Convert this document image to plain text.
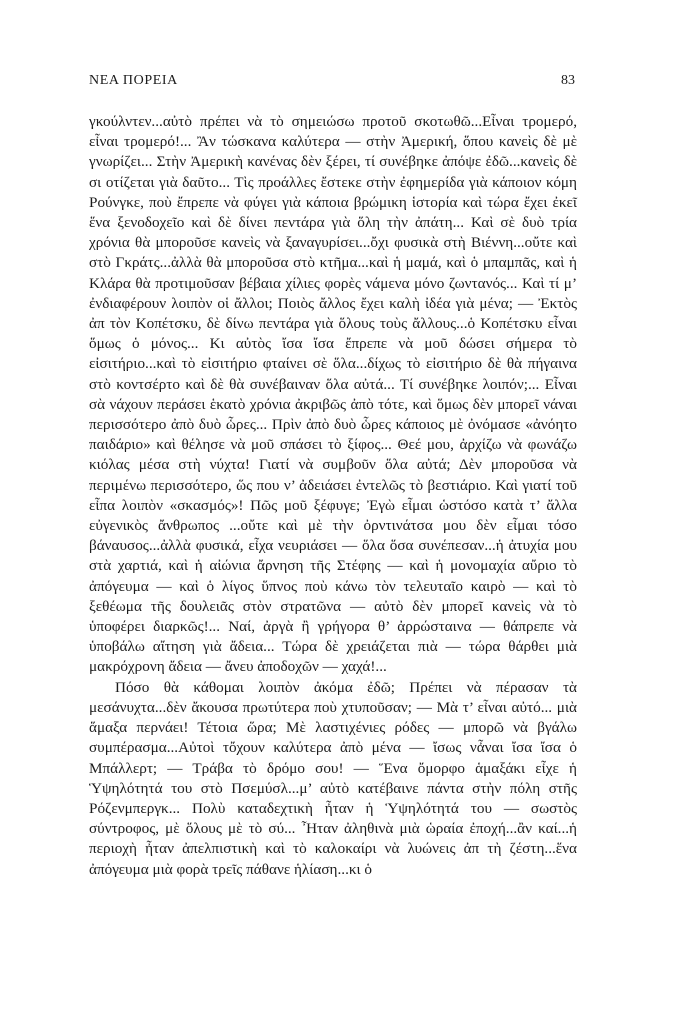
ΝΕΑ ΠΟΡΕΙΑ	83

γκούλντεν...αὐτὸ πρέπει νὰ τὸ σημειώσω προτοῦ σκοτωθῶ...Εἶναι τρομερό, εἶναι τρομερό!... Ἂν τώσκανα καλύτερα — στὴν Ἀμερική, ὅπου κανεὶς δὲ μὲ γνωρίζει... Στὴν Ἀμερικὴ κανένας δὲν ξέρει, τί συνέβηκε ἀπόψε ἐδῶ...κανεὶς δὲ σι οτίζεται γιὰ δαῦτο... Τὶς προάλλες ἔστεκε στὴν ἐφημερίδα γιὰ κάποιον κόμη Ρούνγκε, ποὺ ἔπρεπε νὰ φύγει γιὰ κάποια βρώμικη ἱστορία καὶ τώρα ἔχει ἐκεῖ ἕνα ξενοδοχεῖο καὶ δὲ δίνει πεντάρα γιὰ ὅλη τὴν ἀπάτη... Καὶ σὲ δυὸ τρία χρόνια θὰ μποροῦσε κανεὶς νὰ ξαναγυρίσει...ὄχι φυσικὰ στὴ Βιέννη...οὔτε καὶ στὸ Γκράτς...ἀλλὰ θὰ μποροῦσα στὸ κτῆμα...καὶ ἡ μαμά, καὶ ὁ μπαμπᾶς, καὶ ἡ Κλάρα θὰ προτιμοῦσαν βέβαια χίλιες φορὲς νάμενα μόνο ζωντανός... Καὶ τί μ’ ἐνδιαφέρουν λοιπὸν οἱ ἄλλοι; Ποιὸς ἄλλος ἔχει καλὴ ἰδέα γιὰ μένα; — Ἐκτὸς ἀπ τὸν Κοπέτσκυ, δὲ δίνω πεντάρα γιὰ ὅλους τοὺς ἄλλους...ὁ Κοπέτσκυ εἶναι ὅμως ὁ μόνος... Κι αὐτὸς ἴσα ἴσα ἔπρεπε νὰ μοῦ δώσει σήμερα τὸ εἰσιτήριο...καὶ τὸ εἰσιτήριο φταίνει σὲ ὅλα...δίχως τὸ εἰσιτήριο δὲ θὰ πήγαινα στὸ κοντσέρτο καὶ δὲ θὰ συνέβαιναν ὅλα αὐτά... Τί συνέβηκε λοιπόν;... Εἶναι σὰ νάχουν περάσει ἑκατὸ χρόνια ἀκριβῶς ἀπὸ τότε, καὶ ὅμως δὲν μπορεῖ νάναι περισσότερο ἀπὸ δυὸ ὧρες... Πρὶν ἀπὸ δυὸ ὧρες κάποιος μὲ ὀνόμασε «ἀνόητο παιδάριο» καὶ θέλησε νὰ μοῦ σπάσει τὸ ξίφος... Θεέ μου, ἀρχίζω νὰ φωνάζω κιόλας μέσα στὴ νύχτα! Γιατί νὰ συμβοῦν ὅλα αὐτά; Δὲν μποροῦσα νὰ περιμένω περισσότερο, ὥς που ν’ ἀδειάσει ἐντελῶς τὸ βεστιάριο. Καὶ γιατί τοῦ εἶπα λοιπὸν «σκασμός»! Πῶς μοῦ ξέφυγε; Ἐγὼ εἶμαι ὡστόσο κατὰ τ’ ἄλλα εὐγενικὸς ἄνθρωπος ...οὔτε καὶ μὲ τὴν ὀρντινάτσα μου δὲν εἶμαι τόσο βάναυσος...ἀλλὰ φυσικά, εἶχα νευριάσει — ὅλα ὅσα συνέπεσαν...ἡ ἀτυχία μου στὰ χαρτιά, καὶ ἡ αἰώνια ἄρνηση τῆς Στέφης — καὶ ἡ μονομαχία αὔριο τὸ ἀπόγευμα — καὶ ὁ λίγος ὕπνος ποὺ κάνω τὸν τελευταῖο καιρὸ — καὶ τὸ ξεθέωμα τῆς δουλειᾶς στὸν στρατῶνα — αὐτὸ δὲν μπορεῖ κανεὶς νὰ τὸ ὑποφέρει διαρκῶς!... Ναί, ἀργὰ ἢ γρήγορα θ’ ἀρρώσταινα — θάπρεπε νὰ ὑποβάλω αἴτηση γιὰ ἄδεια... Τώρα δὲ χρειάζεται πιὰ — τώρα θάρθει μιὰ μακρόχρονη ἄδεια — ἄνευ ἀποδοχῶν — χαχά!...

Πόσο θὰ κάθομαι λοιπὸν ἀκόμα ἐδῶ; Πρέπει νὰ πέρασαν τὰ μεσάνυχτα...δὲν ἄκουσα πρωτύτερα ποὺ χτυποῦσαν; — Μὰ τ’ εἶναι αὐτό... μιὰ ἅμαξα περνάει! Τέτοια ὥρα; Μὲ λαστιχένιες ρόδες — μπορῶ νὰ βγάλω συμπέρασμα...Αὐτοὶ τὄχουν καλύτερα ἀπὸ μένα — ἴσως νἆναι ἴσα ἴσα ὁ Μπάλλερτ; — Τράβα τὸ δρόμο σου! — Ἕνα ὄμορφο ἁμαξάκι εἶχε ἡ Ὑψηλότητά του στὸ Πσεμύσλ...μ’ αὐτὸ κατέβαινε πάντα στὴν πόλη στῆς Ρόζενμπεργκ... Πολὺ καταδεχτικὴ ἦταν ἡ Ὑψηλότητά του — σωστὸς σύντροφος, μὲ ὅλους μὲ τὸ σύ... Ἦταν ἀληθινὰ μιὰ ὡραία ἐποχή...ἂν καί...ἡ περιοχὴ ἦταν ἀπελπιστικὴ καὶ τὸ καλοκαίρι νὰ λυώνεις ἀπ τὴ ζέστη...ἕνα ἀπόγευμα μιὰ φορὰ τρεῖς πάθανε ἡλίαση...κι ὁ
